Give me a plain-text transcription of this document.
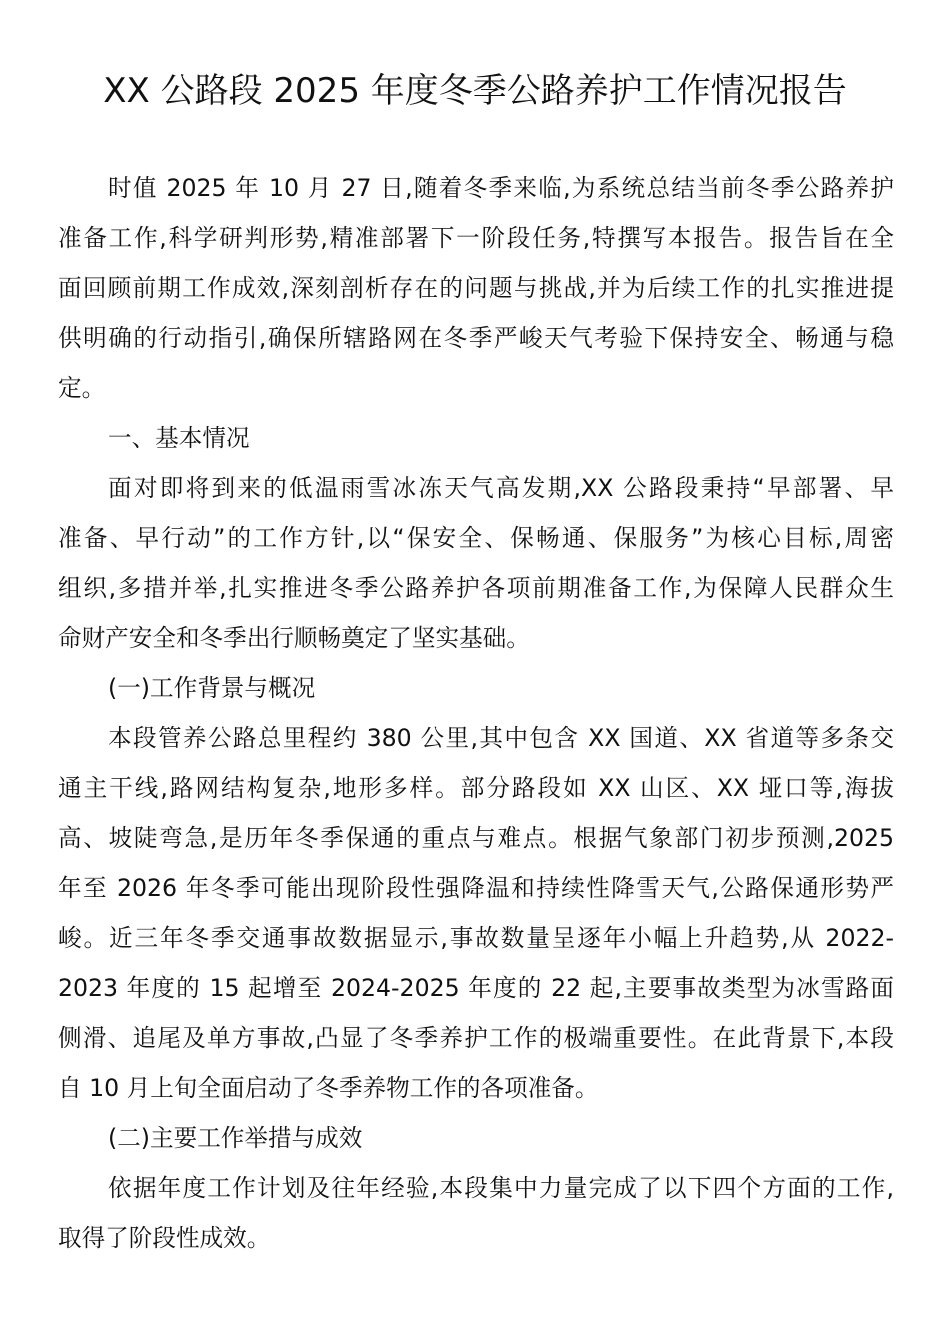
XX 公路段 2025 年度冬季公路养护工作情况报告
时值 2025 年 10 月 27 日,随着冬季来临,为系统总结当前冬季公路养护
准备工作,科学研判形势,精准部署下一阶段任务,特撰写本报告。报告旨在全
面回顾前期工作成效,深刻剖析存在的问题与挑战,并为后续工作的扎实推进提
供明确的行动指引,确保所辖路网在冬季严峻天气考验下保持安全、畅通与稳
定。
一、基本情况
面对即将到来的低温雨雪冰冻天气高发期,XX 公路段秉持“早部署、早
准备、早行动”的工作方针,以“保安全、保畅通、保服务”为核心目标,周密
组织,多措并举,扎实推进冬季公路养护各项前期准备工作,为保障人民群众生
命财产安全和冬季出行顺畅奠定了坚实基础。
(一)工作背景与概况
本段管养公路总里程约 380 公里,其中包含 XX 国道、XX 省道等多条交
通主干线,路网结构复杂,地形多样。部分路段如 XX 山区、XX 垭口等,海拔
高、坡陡弯急,是历年冬季保通的重点与难点。根据气象部门初步预测,2025
年至 2026 年冬季可能出现阶段性强降温和持续性降雪天气,公路保通形势严
峻。近三年冬季交通事故数据显示,事故数量呈逐年小幅上升趋势,从 2022-
2023 年度的 15 起增至 2024-2025 年度的 22 起,主要事故类型为冰雪路面
侧滑、追尾及单方事故,凸显了冬季养护工作的极端重要性。在此背景下,本段
自 10 月上旬全面启动了冬季养物工作的各项准备。
(二)主要工作举措与成效
依据年度工作计划及往年经验,本段集中力量完成了以下四个方面的工作,
取得了阶段性成效。
